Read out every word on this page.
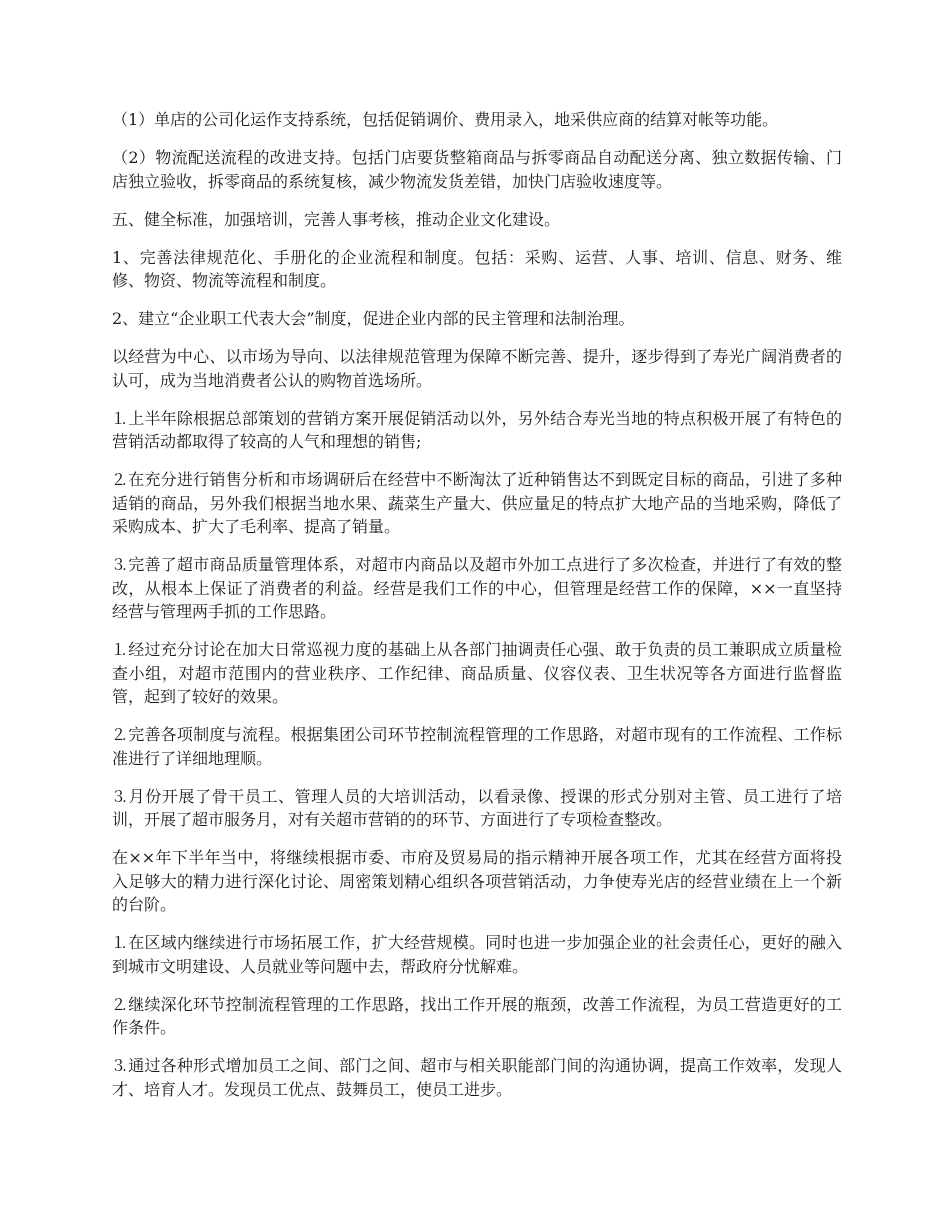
（1）单店的公司化运作支持系统，包括促销调价、费用录入，地采供应商的结算对帐等功能。

（2）物流配送流程的改进支持。包括门店要货整箱商品与拆零商品自动配送分离、独立数据传输、门店独立验收，拆零商品的系统复核，减少物流发货差错，加快门店验收速度等。

五、健全标准，加强培训，完善人事考核，推动企业文化建设。

1、完善法律规范化、手册化的企业流程和制度。包括：采购、运营、人事、培训、信息、财务、维修、物资、物流等流程和制度。

2、建立“企业职工代表大会”制度，促进企业内部的民主管理和法制治理。

以经营为中心、以市场为导向、以法律规范管理为保障不断完善、提升，逐步得到了寿光广阔消费者的认可，成为当地消费者公认的购物首选场所。

⒈上半年除根据总部策划的营销方案开展促销活动以外，另外结合寿光当地的特点积极开展了有特色的营销活动都取得了较高的人气和理想的销售;

⒉在充分进行销售分析和市场调研后在经营中不断淘汰了近种销售达不到既定目标的商品，引进了多种适销的商品，另外我们根据当地水果、蔬菜生产量大、供应量足的特点扩大地产品的当地采购，降低了采购成本、扩大了毛利率、提高了销量。

⒊完善了超市商品质量管理体系，对超市内商品以及超市外加工点进行了多次检查，并进行了有效的整改，从根本上保证了消费者的利益。经营是我们工作的中心，但管理是经营工作的保障，××一直坚持经营与管理两手抓的工作思路。

⒈经过充分讨论在加大日常巡视力度的基础上从各部门抽调责任心强、敢于负责的员工兼职成立质量检查小组，对超市范围内的营业秩序、工作纪律、商品质量、仪容仪表、卫生状况等各方面进行监督监管，起到了较好的效果。

⒉完善各项制度与流程。根据集团公司环节控制流程管理的工作思路，对超市现有的工作流程、工作标准进行了详细地理顺。

⒊月份开展了骨干员工、管理人员的大培训活动，以看录像、授课的形式分别对主管、员工进行了培训，开展了超市服务月，对有关超市营销的的环节、方面进行了专项检查整改。

在××年下半年当中，将继续根据市委、市府及贸易局的指示精神开展各项工作，尤其在经营方面将投入足够大的精力进行深化讨论、周密策划精心组织各项营销活动，力争使寿光店的经营业绩在上一个新的台阶。

⒈在区域内继续进行市场拓展工作，扩大经营规模。同时也进一步加强企业的社会责任心，更好的融入到城市文明建设、人员就业等问题中去，帮政府分忧解难。

⒉继续深化环节控制流程管理的工作思路，找出工作开展的瓶颈，改善工作流程，为员工营造更好的工作条件。

⒊通过各种形式增加员工之间、部门之间、超市与相关职能部门间的沟通协调，提高工作效率，发现人才、培育人才。发现员工优点、鼓舞员工，使员工进步。
